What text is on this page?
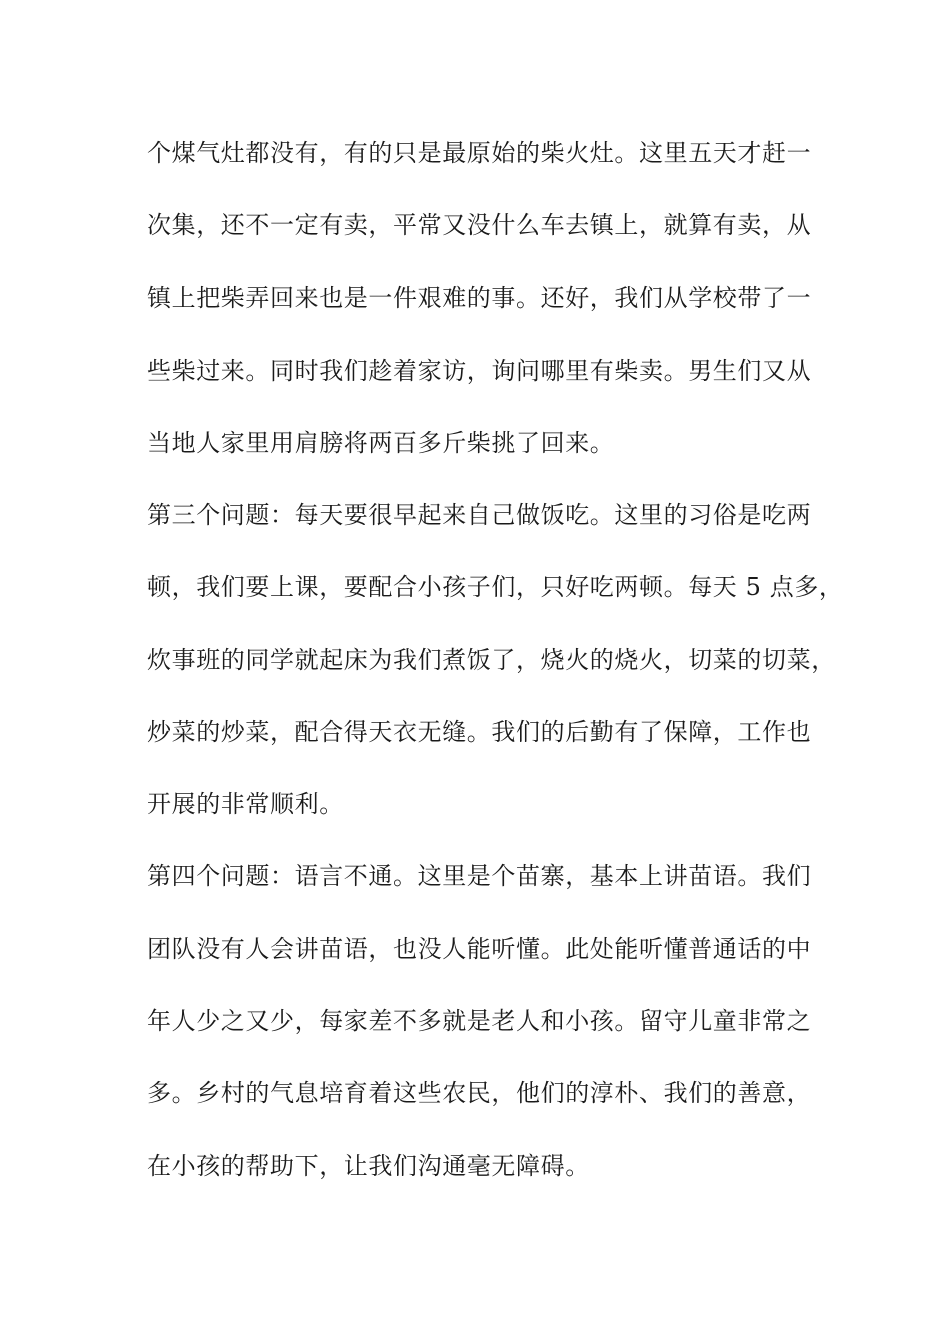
个煤气灶都没有，有的只是最原始的柴火灶。这里五天才赶一
次集，还不一定有卖，平常又没什么车去镇上，就算有卖，从
镇上把柴弄回来也是一件艰难的事。还好，我们从学校带了一
些柴过来。同时我们趁着家访，询问哪里有柴卖。男生们又从
当地人家里用肩膀将两百多斤柴挑了回来。
第三个问题：每天要很早起来自己做饭吃。这里的习俗是吃两
顿，我们要上课，要配合小孩子们，只好吃两顿。每天 5 点多，
炊事班的同学就起床为我们煮饭了，烧火的烧火，切菜的切菜，
炒菜的炒菜，配合得天衣无缝。我们的后勤有了保障，工作也
开展的非常顺利。
第四个问题：语言不通。这里是个苗寨，基本上讲苗语。我们
团队没有人会讲苗语，也没人能听懂。此处能听懂普通话的中
年人少之又少，每家差不多就是老人和小孩。留守儿童非常之
多。乡村的气息培育着这些农民，他们的淳朴、我们的善意，
在小孩的帮助下，让我们沟通毫无障碍。
